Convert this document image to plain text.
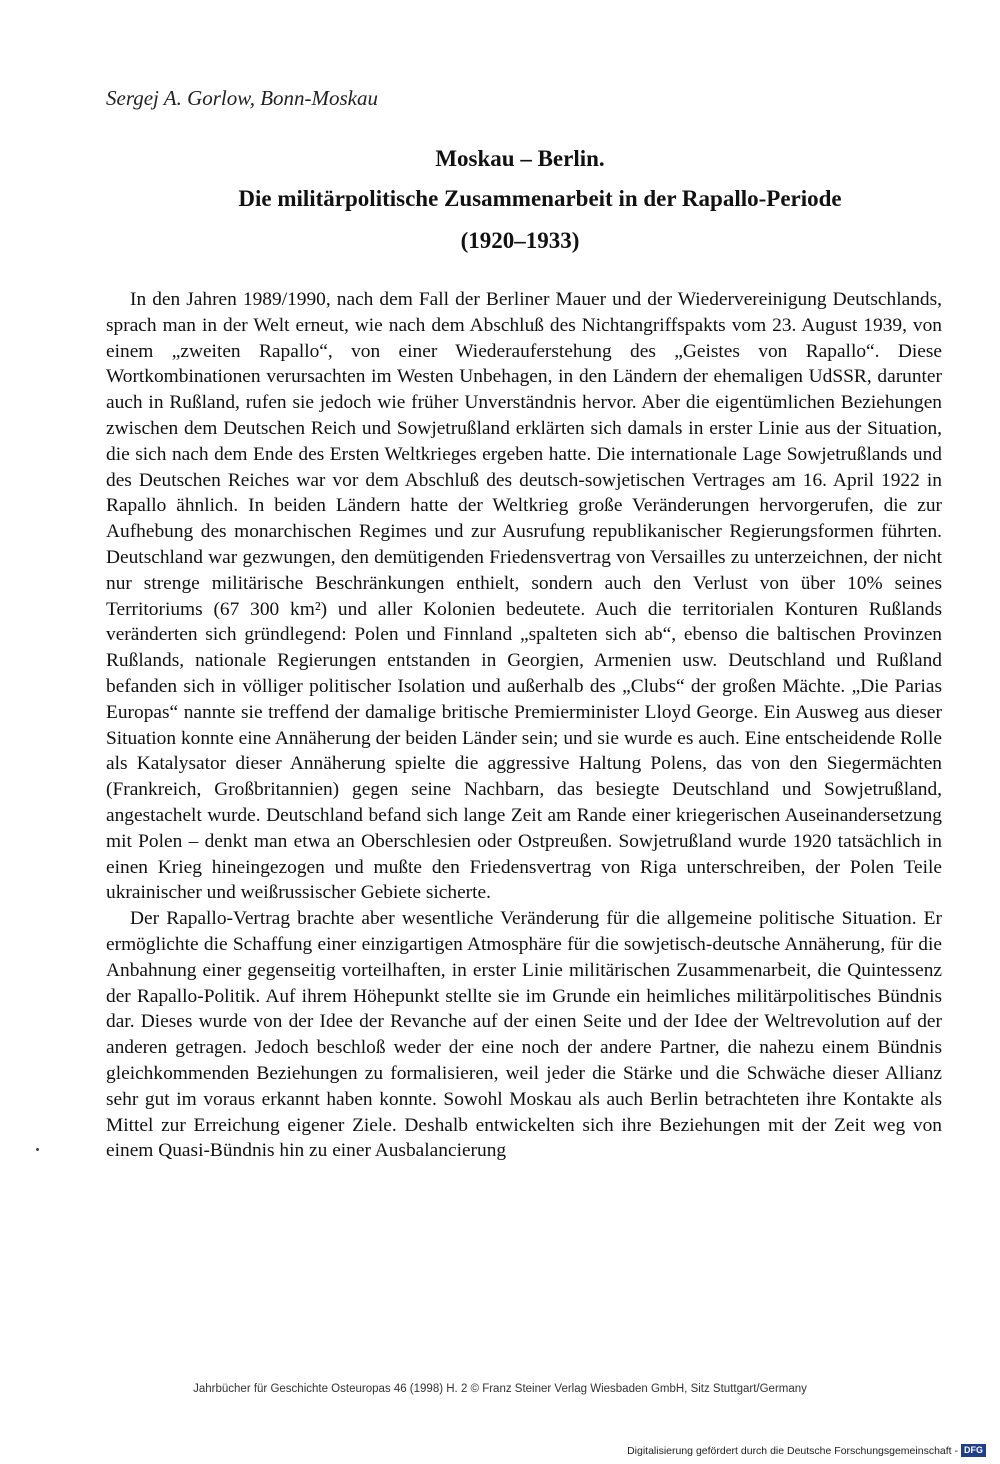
Sergej A. Gorlow, Bonn-Moskau
Moskau – Berlin.
Die militärpolitische Zusammenarbeit in der Rapallo-Periode
(1920–1933)

In den Jahren 1989/1990, nach dem Fall der Berliner Mauer und der Wiedervereinigung Deutschlands, sprach man in der Welt erneut, wie nach dem Abschluß des Nichtangriffspakts vom 23. August 1939, von einem „zweiten Rapallo“, von einer Wiederauferstehung des „Geistes von Rapallo“. Diese Wortkombinationen verursachten im Westen Unbehagen, in den Ländern der ehemaligen UdSSR, darunter auch in Rußland, rufen sie jedoch wie früher Unverständnis hervor. Aber die eigentümlichen Beziehungen zwischen dem Deutschen Reich und Sowjetrußland erklärten sich damals in erster Linie aus der Situation, die sich nach dem Ende des Ersten Weltkrieges ergeben hatte. Die internationale Lage Sowjetrußlands und des Deutschen Reiches war vor dem Abschluß des deutsch-sowjetischen Vertrages am 16. April 1922 in Rapallo ähnlich. In beiden Ländern hatte der Weltkrieg große Veränderungen hervorgerufen, die zur Aufhebung des monarchischen Regimes und zur Ausrufung republikanischer Regierungsformen führten. Deutschland war gezwungen, den demütigenden Friedensvertrag von Versailles zu unterzeichnen, der nicht nur strenge militärische Beschränkungen enthielt, sondern auch den Verlust von über 10% seines Territoriums (67 300 km²) und aller Kolonien bedeutete. Auch die territorialen Konturen Rußlands veränderten sich gründlegend: Polen und Finnland „spalteten sich ab“, ebenso die baltischen Provinzen Rußlands, nationale Regierungen entstanden in Georgien, Armenien usw. Deutschland und Rußland befanden sich in völliger politischer Isolation und außerhalb des „Clubs“ der großen Mächte. „Die Parias Europas“ nannte sie treffend der damalige britische Premierminister Lloyd George. Ein Ausweg aus dieser Situation konnte eine Annäherung der beiden Länder sein; und sie wurde es auch. Eine entscheidende Rolle als Katalysator dieser Annäherung spielte die aggressive Haltung Polens, das von den Siegermächten (Frankreich, Großbritannien) gegen seine Nachbarn, das besiegte Deutschland und Sowjetrußland, angestachelt wurde. Deutschland befand sich lange Zeit am Rande einer kriegerischen Auseinandersetzung mit Polen – denkt man etwa an Oberschlesien oder Ostpreußen. Sowjetrußland wurde 1920 tatsächlich in einen Krieg hineingezogen und mußte den Friedensvertrag von Riga unterschreiben, der Polen Teile ukrainischer und weißrussischer Gebiete sicherte.

Der Rapallo-Vertrag brachte aber wesentliche Veränderung für die allgemeine politische Situation. Er ermöglichte die Schaffung einer einzigartigen Atmosphäre für die sowjetisch-deutsche Annäherung, für die Anbahnung einer gegenseitig vorteilhaften, in erster Linie militärischen Zusammenarbeit, die Quintessenz der Rapallo-Politik. Auf ihrem Höhepunkt stellte sie im Grunde ein heimliches militärpolitisches Bündnis dar. Dieses wurde von der Idee der Revanche auf der einen Seite und der Idee der Weltrevolution auf der anderen getragen. Jedoch beschloß weder der eine noch der andere Partner, die nahezu einem Bündnis gleichkommenden Beziehungen zu formalisieren, weil jeder die Stärke und die Schwäche dieser Allianz sehr gut im voraus erkannt haben konnte. Sowohl Moskau als auch Berlin betrachteten ihre Kontakte als Mittel zur Erreichung eigener Ziele. Deshalb entwickelten sich ihre Beziehungen mit der Zeit weg von einem Quasi-Bündnis hin zu einer Ausbalancierung

Jahrbücher für Geschichte Osteuropas 46 (1998) H. 2 © Franz Steiner Verlag Wiesbaden GmbH, Sitz Stuttgart/Germany
Digitalisierung gefördert durch die Deutsche Forschungsgemeinschaft - DFG
